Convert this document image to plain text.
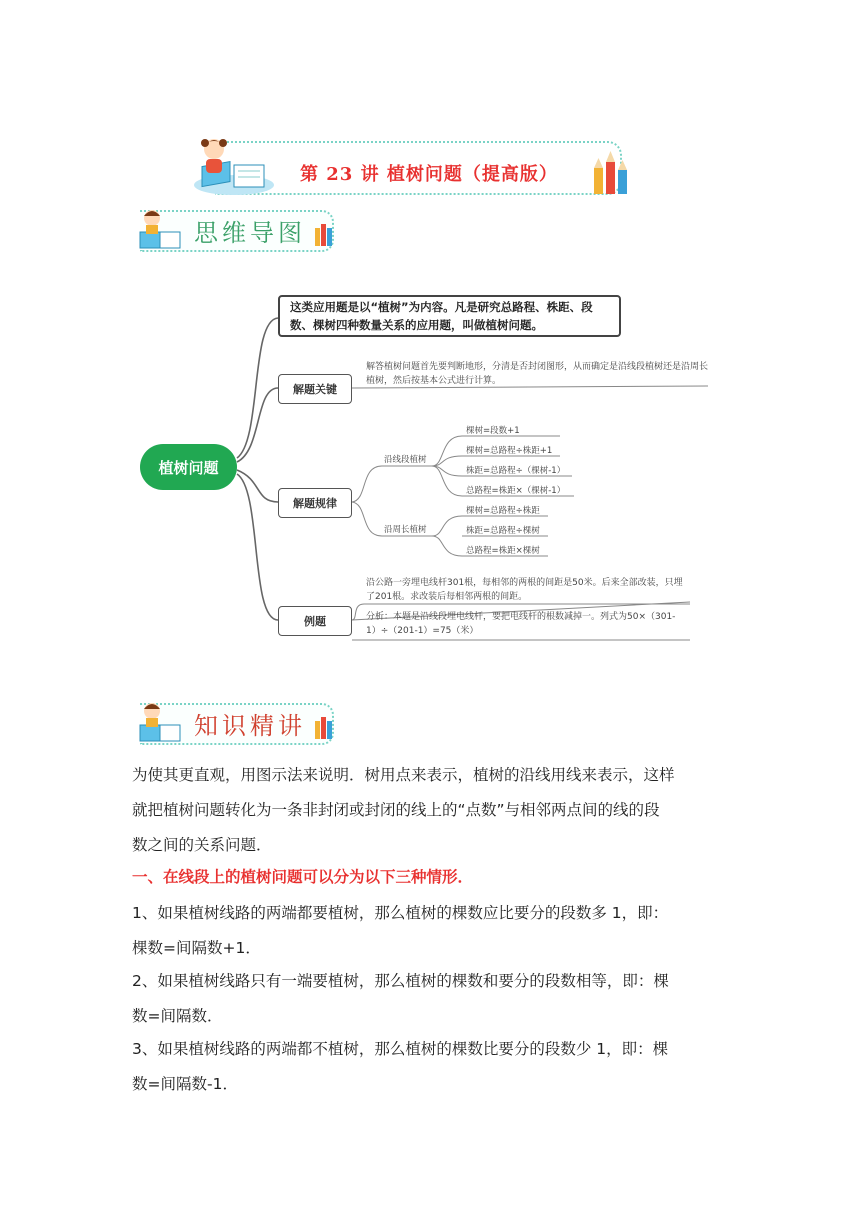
第 23 讲 植树问题（提高版）
思维导图
植树问题
这类应用题是以“植树”为内容。凡是研究总路程、株距、段数、棵树四种数量关系的应用题，叫做植树问题。
解题关键
解答植树问题首先要判断地形，分清是否封闭图形，从而确定是沿线段植树还是沿周长植树，然后按基本公式进行计算。
解题规律
沿线段植树
沿周长植树
棵树=段数+1
棵树=总路程÷株距+1
株距=总路程÷（棵树-1）
总路程=株距×（棵树-1）
棵树=总路程÷株距
株距=总路程÷棵树
总路程=株距×棵树
例题
沿公路一旁埋电线杆301根，每相邻的两根的间距是50米。后来全部改装，只埋了201根。求改装后每相邻两根的间距。
分析：本题是沿线段埋电线杆，要把电线杆的根数减掉一。列式为50×（301-1）÷（201-1）=75（米）
知识精讲
为使其更直观，用图示法来说明．树用点来表示，植树的沿线用线来表示，这样
就把植树问题转化为一条非封闭或封闭的线上的“点数”与相邻两点间的线的段
数之间的关系问题．
一、在线段上的植树问题可以分为以下三种情形．
1、如果植树线路的两端都要植树，那么植树的棵数应比要分的段数多 1，即：
棵数=间隔数+1．
2、如果植树线路只有一端要植树，那么植树的棵数和要分的段数相等，即：棵
数=间隔数．
3、如果植树线路的两端都不植树，那么植树的棵数比要分的段数少 1，即：棵
数=间隔数-1．
